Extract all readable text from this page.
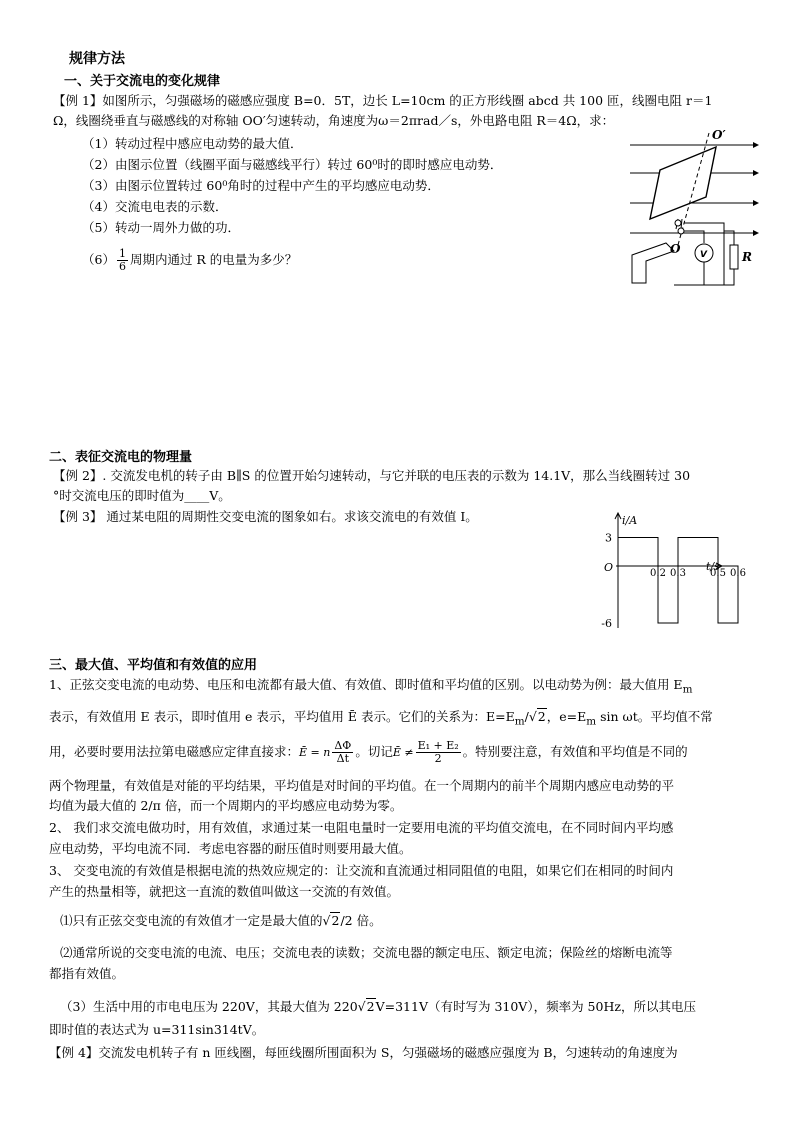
规律方法
一、关于交流电的变化规律
【例 1】如图所示，匀强磁场的磁感应强度 B=0．5T，边长 L=10cm 的正方形线圈 abcd 共 100 匝，线圈电阻 r＝1
Ω，线圈绕垂直与磁感线的对称轴 OO′匀速转动，角速度为ω＝2πrad／s，外电路电阻 R＝4Ω，求：
（1）转动过程中感应电动势的最大值．
（2）由图示位置（线圈平面与磁感线平行）转过 60⁰时的即时感应电动势．
（3）由图示位置转过 60⁰角时的过程中产生的平均感应电动势．
（4）交流电电表的示数．
（5）转动一周外力做的功．
$(6) \frac{1}{6}$ 周期内通过 R 的电量为多少？
O′
O V	R
二、表征交流电的物理量
【例 2】. 交流发电机的转子由 B∥S 的位置开始匀速转动，与它并联的电压表的示数为 14.1V，那么当线圈转过 30
°时交流电压的即时值为____V。
【例 3】 通过某电阻的周期性交变电流的图象如右。求该交流电的有效值 I。	i/A
t/s
O
3
-6
0.2 0.3 0.5 0.6
三、最大值、平均值和有效值的应用
1、正弦交变电流的电动势、电压和电流都有最大值、有效值、即时值和平均值的区别。以电动势为例：最大值用 $E_m$
表示，有效值用 E 表示，即时值用 e 表示，平均值用 Ē 表示。它们的关系为：$E=E_m/√2$，$e=E_m$ sin ωt。平均值不常
用，必要时要用法拉第电磁感应定律直接求：Ē = n $\frac{\Delta\Phi}{\Delta t}$ 。切记Ē ≠ $\frac{\text{E₁ + E₂}}{2}$ 。特别要注意，有效值和平均值是不同的
两个物理量，有效值是对能的平均结果，平均值是对时间的平均值。在一个周期内的前半个周期内感应电动势的平
均值为最大值的 2/π 倍，而一个周期内的平均感应电动势为零。
2、 我们求交流电做功时，用有效值，求通过某一电阻电量时一定要用电流的平均值交流电，在不同时间内平均感
应电动势，平均电流不同．考虑电容器的耐压值时则要用最大值。
3、 交变电流的有效值是根据电流的热效应规定的：让交流和直流通过相同阻值的电阻，如果它们在相同的时间内
产生的热量相等，就把这一直流的数值叫做这一交流的有效值。
⑴只有正弦交变电流的有效值才一定是最大值的√2/2 倍。
⑵通常所说的交变电流的电流、电压；交流电表的读数；交流电器的额定电压、额定电流；保险丝的熔断电流等
都指有效值。
（3）生活中用的市电电压为 220V，其最大值为 220√2V=311V（有时写为 310V），频率为 50Hz，所以其电压
即时值的表达式为 u=311sin314tV。
【例 4】交流发电机转子有 n 匝线圈，每匝线圈所围面积为 S，匀强磁场的磁感应强度为 B，匀速转动的角速度为
